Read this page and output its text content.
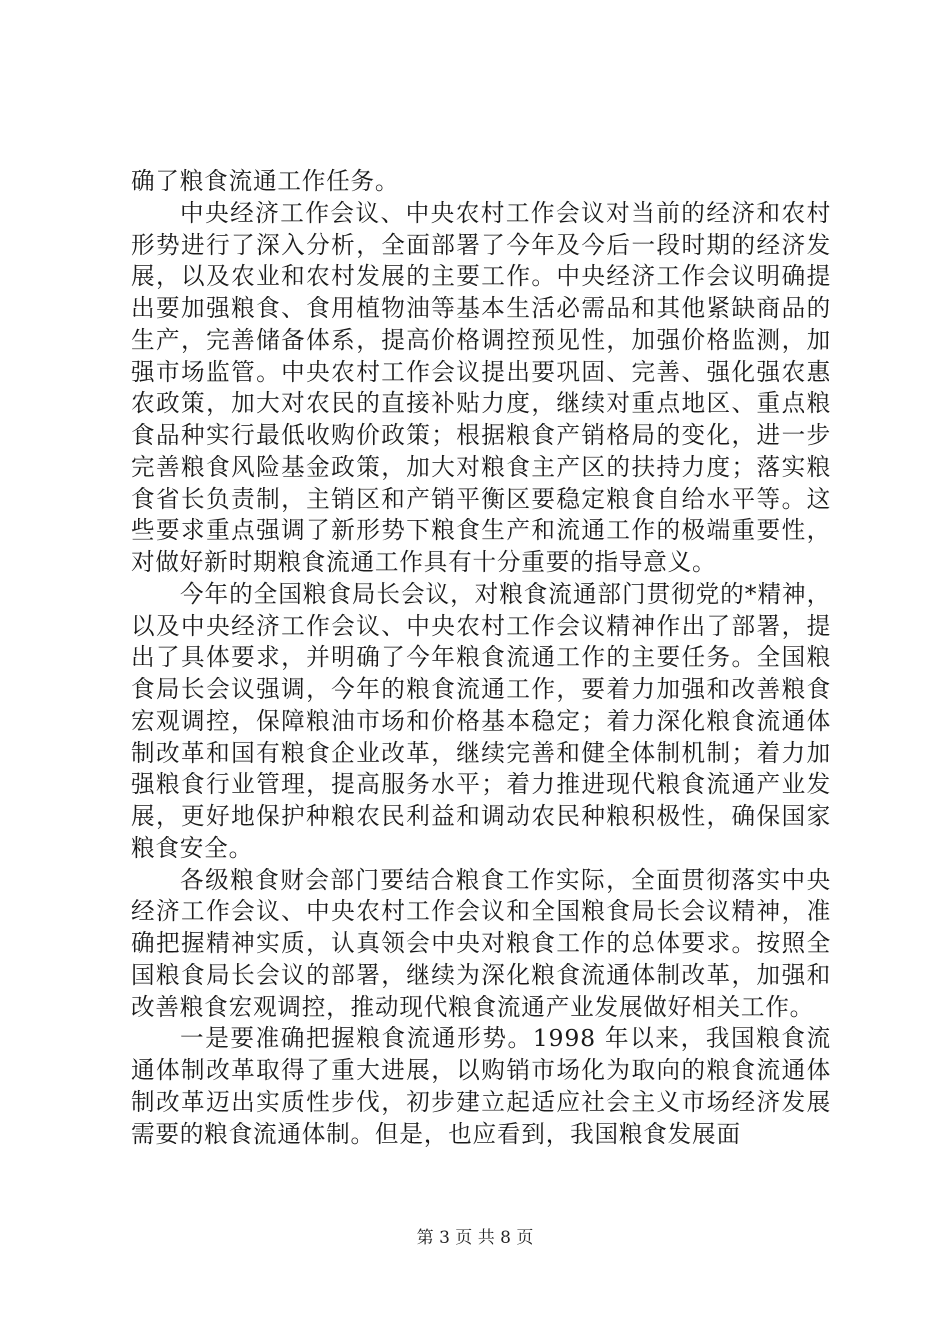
确了粮食流通工作任务。

中央经济工作会议、中央农村工作会议对当前的经济和农村形势进行了深入分析，全面部署了今年及今后一段时期的经济发展，以及农业和农村发展的主要工作。中央经济工作会议明确提出要加强粮食、食用植物油等基本生活必需品和其他紧缺商品的生产，完善储备体系，提高价格调控预见性，加强价格监测，加强市场监管。中央农村工作会议提出要巩固、完善、强化强农惠农政策，加大对农民的直接补贴力度，继续对重点地区、重点粮食品种实行最低收购价政策；根据粮食产销格局的变化，进一步完善粮食风险基金政策，加大对粮食主产区的扶持力度；落实粮食省长负责制，主销区和产销平衡区要稳定粮食自给水平等。这些要求重点强调了新形势下粮食生产和流通工作的极端重要性，对做好新时期粮食流通工作具有十分重要的指导意义。

今年的全国粮食局长会议，对粮食流通部门贯彻党的*精神，以及中央经济工作会议、中央农村工作会议精神作出了部署，提出了具体要求，并明确了今年粮食流通工作的主要任务。全国粮食局长会议强调，今年的粮食流通工作，要着力加强和改善粮食宏观调控，保障粮油市场和价格基本稳定；着力深化粮食流通体制改革和国有粮食企业改革，继续完善和健全体制机制；着力加强粮食行业管理，提高服务水平；着力推进现代粮食流通产业发展，更好地保护种粮农民利益和调动农民种粮积极性，确保国家粮食安全。

各级粮食财会部门要结合粮食工作实际，全面贯彻落实中央经济工作会议、中央农村工作会议和全国粮食局长会议精神，准确把握精神实质，认真领会中央对粮食工作的总体要求。按照全国粮食局长会议的部署，继续为深化粮食流通体制改革，加强和改善粮食宏观调控，推动现代粮食流通产业发展做好相关工作。

一是要准确把握粮食流通形势。1998 年以来，我国粮食流通体制改革取得了重大进展，以购销市场化为取向的粮食流通体制改革迈出实质性步伐，初步建立起适应社会主义市场经济发展需要的粮食流通体制。但是，也应看到，我国粮食发展面

第 3 页 共 8 页
